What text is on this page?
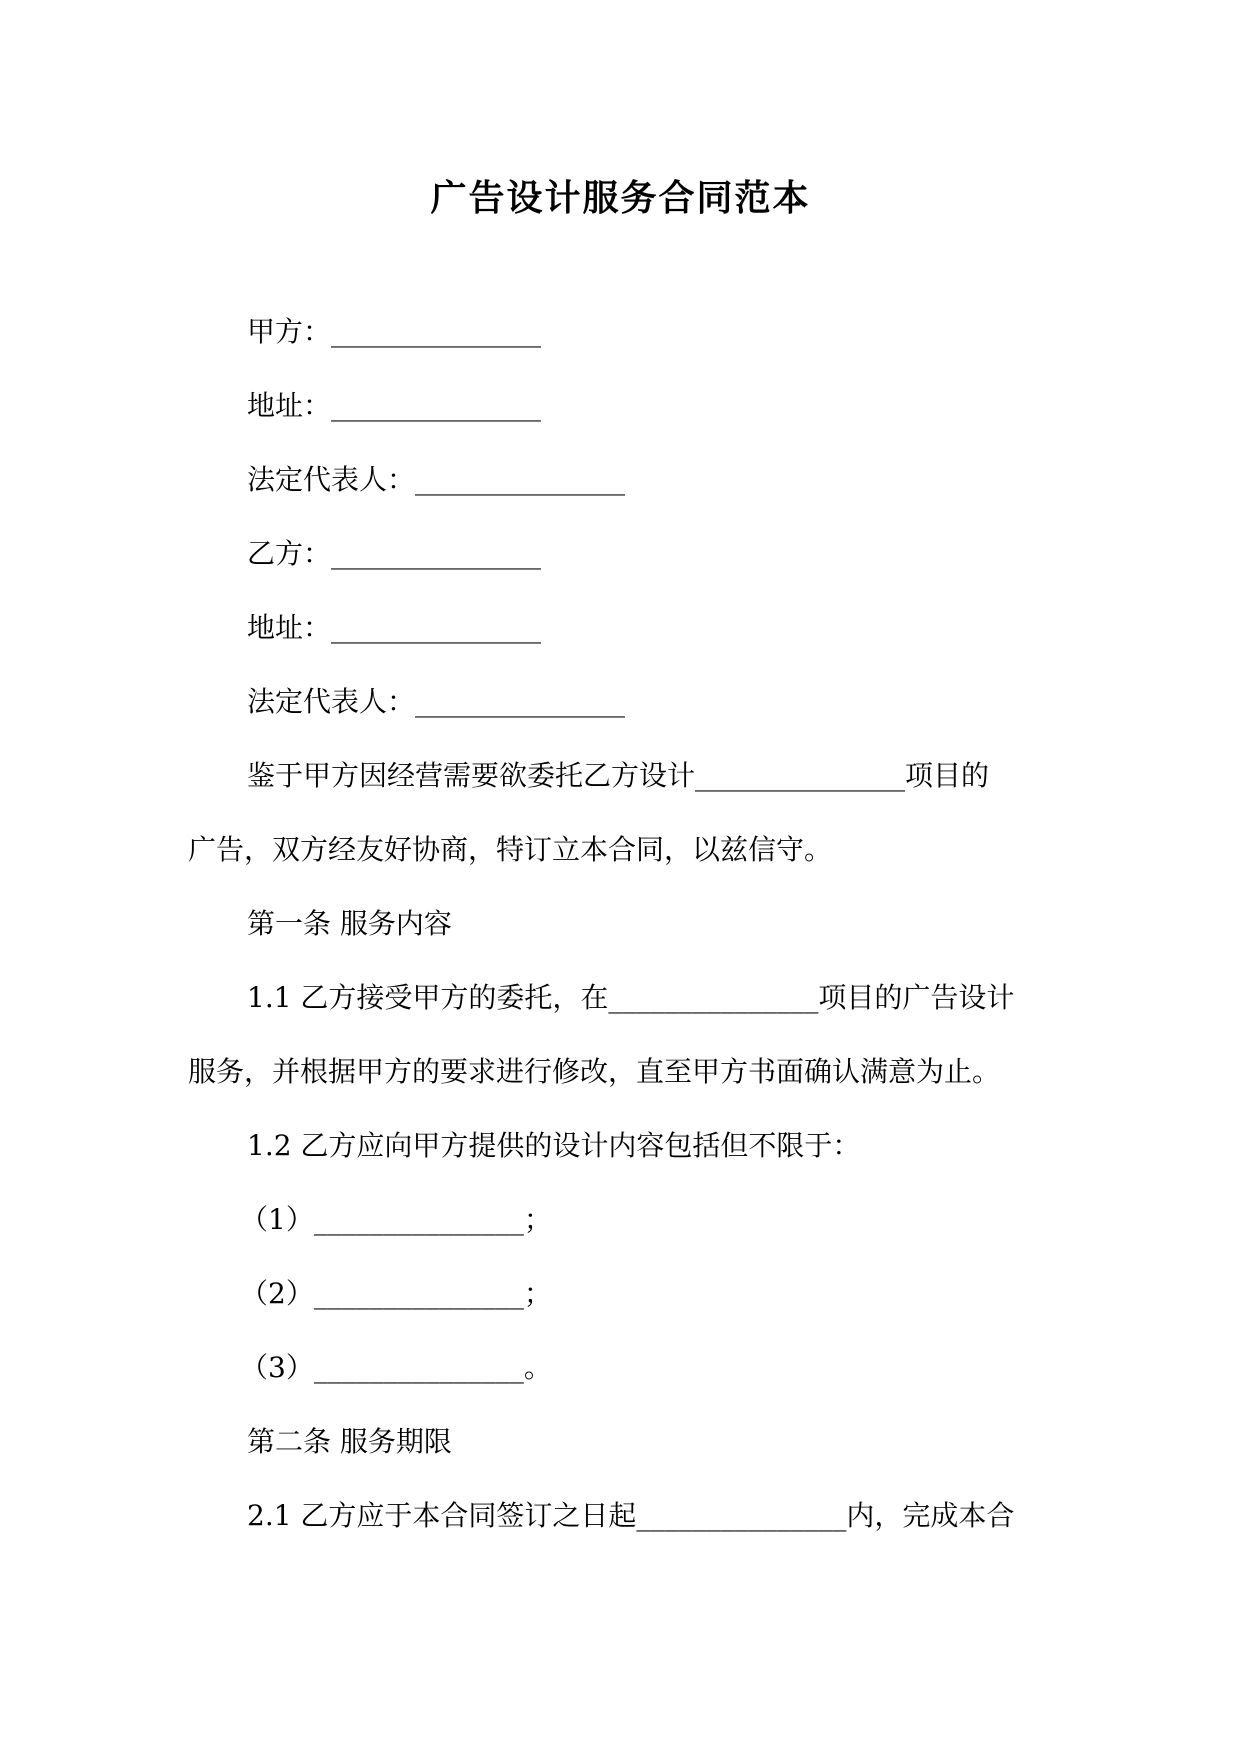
广告设计服务合同范本
甲方：_______________
地址：_______________
法定代表人：_______________
乙方：_______________
地址：_______________
法定代表人：_______________
鉴于甲方因经营需要欲委托乙方设计_______________项目的
广告，双方经友好协商，特订立本合同，以兹信守。
第一条 服务内容
1.1 乙方接受甲方的委托，在_______________项目的广告设计
服务，并根据甲方的要求进行修改，直至甲方书面确认满意为止。
1.2 乙方应向甲方提供的设计内容包括但不限于：
（1）_______________；
（2）_______________；
（3）_______________。
第二条 服务期限
2.1 乙方应于本合同签订之日起_______________内，完成本合
